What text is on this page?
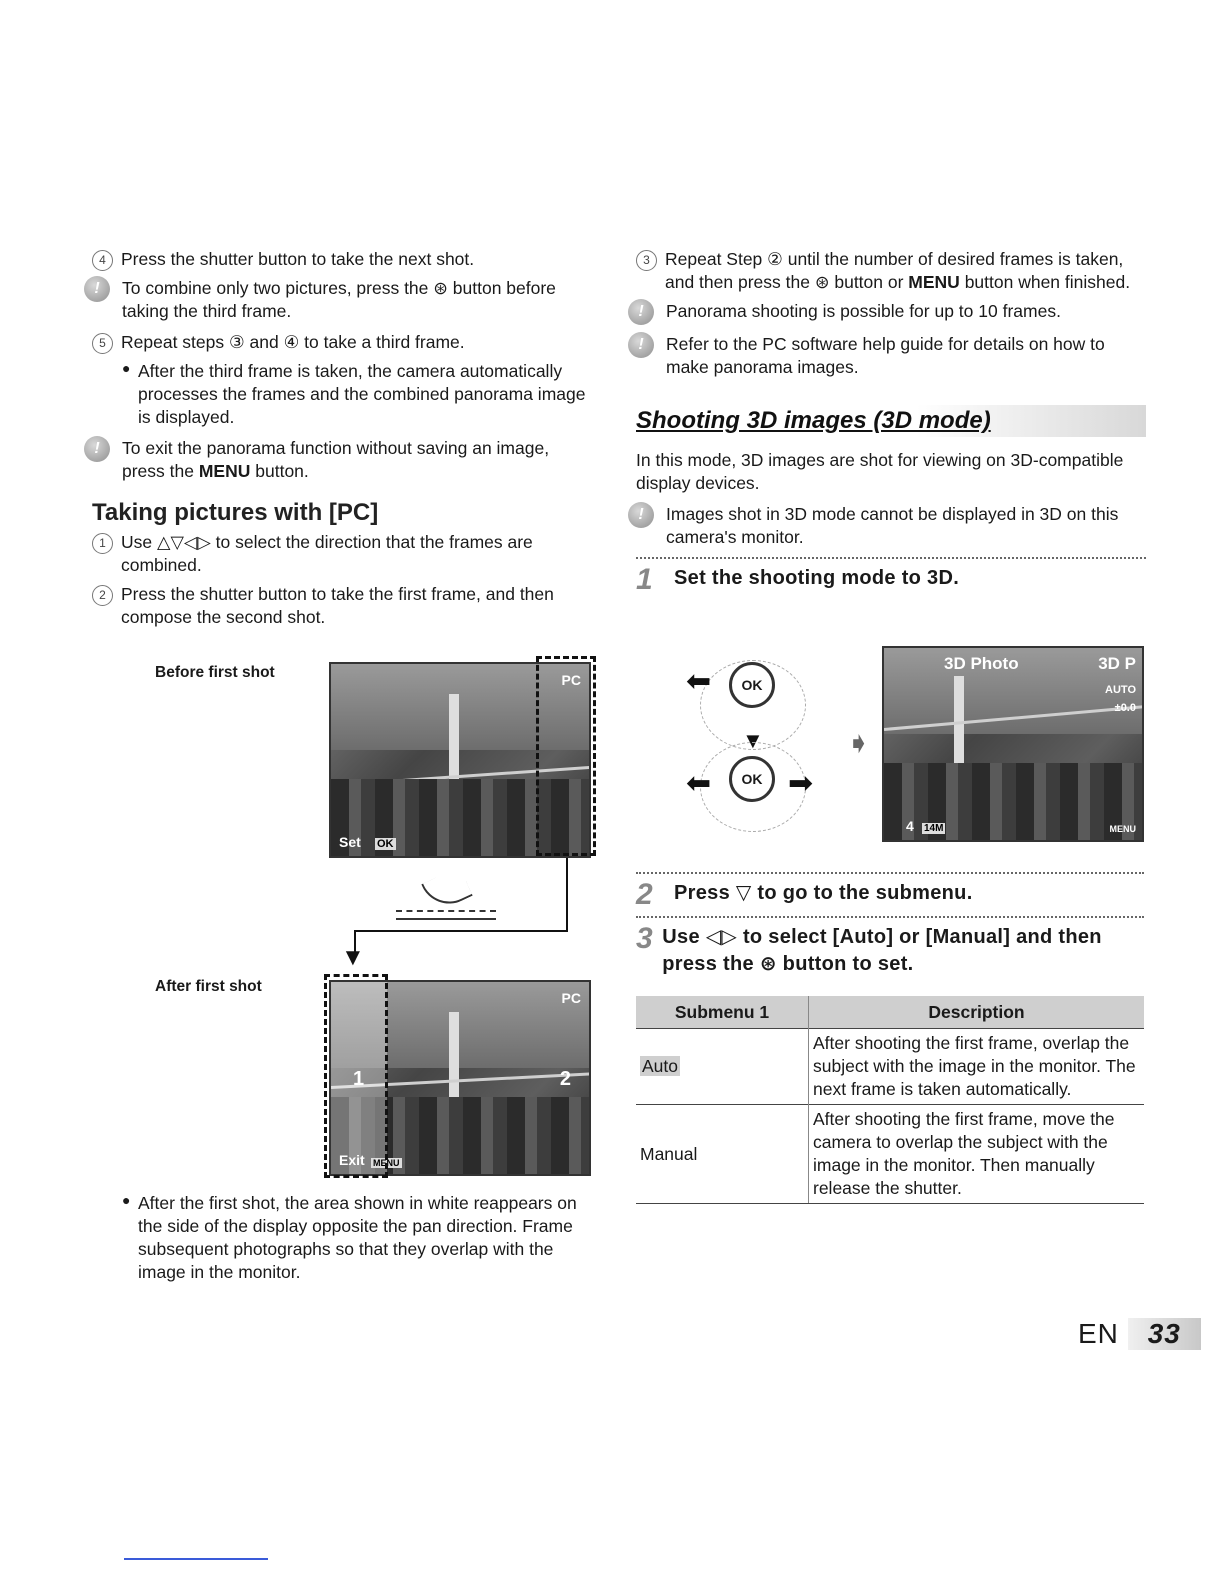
4 Press the shutter button to take the next shot.

!	To combine only two pictures, press the ⊛ button before taking the third frame.

5 Repeat steps ③ and ④ to take a third frame.

● After the third frame is taken, the camera automatically processes the frames and the combined panorama image is displayed.

!	To exit the panorama function without saving an image, press the MENU button.

Taking pictures with [PC]
1 Use △▽◁▷ to select the direction that the frames are combined.

2 Press the shutter button to take the first frame, and then compose the second shot.

Before first shot	PC
Set OK
▼
After first shot
PC
1	2
Exit MENU
● After the first shot, the area shown in white reappears on the side of the display opposite the pan direction. Frame subsequent photographs so that they overlap with the image in the monitor.

3 Repeat Step ② until the number of desired frames is taken, and then press the ⊛ button or MENU button when finished.

!	Panorama shooting is possible for up to 10 frames.

!	Refer to the PC software help guide for details on how to make panorama images.

Shooting 3D images (3D mode)

In this mode, 3D images are shot for viewing on 3D-compatible display devices.

!	Images shot in 3D mode cannot be displayed in 3D on this camera's monitor.

1	Set the shooting mode to 3D.
OK
⬅
▼
OK
⬅	➡
➧
3D Photo	3D P
AUTO
±0.0
4 14M	MENU
2	Press ▽ to go to the submenu.
3 Use ◁▷ to select [Auto] or [Manual] and then press the ⊛ button to set.
Submenu 1	Description
Auto	After shooting the first frame, overlap the subject with the image in the monitor. The next frame is taken automatically.
Manual	After shooting the first frame, move the camera to overlap the subject with the image in the monitor. Then manually release the shutter.
EN 33
